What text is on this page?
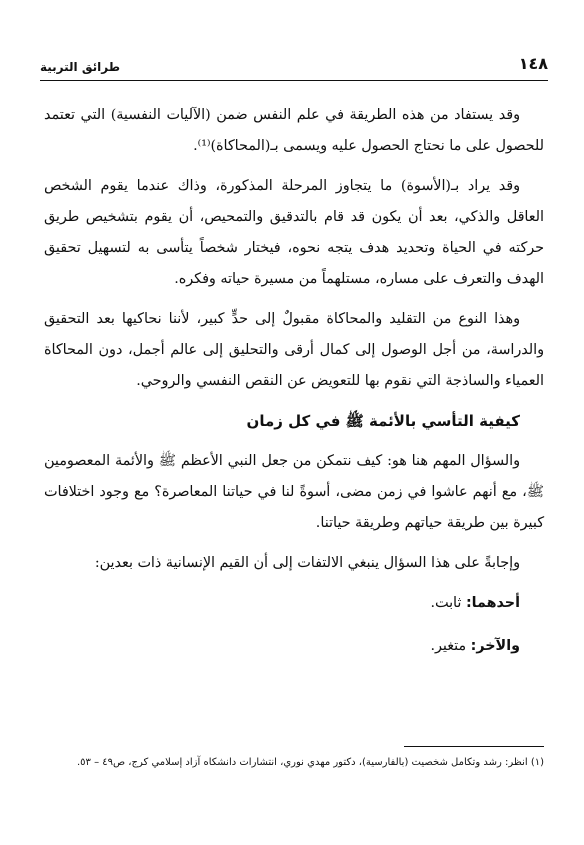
١٤٨
طرائق التربية

وقد يستفاد من هذه الطريقة في علم النفس ضمن (الآليات النفسية) التي تعتمد للحصول على ما نحتاج الحصول عليه ويسمى بـ(المحاكاة)⁽¹⁾.

وقد يراد بـ(الأسوة) ما يتجاوز المرحلة المذكورة، وذاك عندما يقوم الشخص العاقل والذكي، بعد أن يكون قد قام بالتدقيق والتمحيص، أن يقوم بتشخيص طريق حركته في الحياة وتحديد هدف يتجه نحوه، فيختار شخصاً يتأسى به لتسهيل تحقيق الهدف والتعرف على مساره، مستلهماً من مسيرة حياته وفكره.

وهذا النوع من التقليد والمحاكاة مقبولٌ إلى حدٍّ كبير، لأننا نحاكيها بعد التحقيق والدراسة، من أجل الوصول إلى كمال أرقى والتحليق إلى عالم أجمل، دون المحاكاة العمياء والساذجة التي نقوم بها للتعويض عن النقص النفسي والروحي.

كيفية التأسي بالأئمة ﷺ في كل زمان

والسؤال المهم هنا هو: كيف نتمكن من جعل النبي الأعظم ﷺ والأئمة المعصومين ﷺ، مع أنهم عاشوا في زمن مضى، أسوةً لنا في حياتنا المعاصرة؟ مع وجود اختلافات كبيرة بين طريقة حياتهم وطريقة حياتنا.

وإجابةً على هذا السؤال ينبغي الالتفات إلى أن القيم الإنسانية ذات بعدين:

أحدهما: ثابت.

والآخر: متغير.

(١) انظر: رشد وتكامل شخصيت (بالفارسية)، دكتور مهدي نوري، انتشارات دانشكاه آزاد إسلامي كرج، ص٤٩ – ٥٣.
